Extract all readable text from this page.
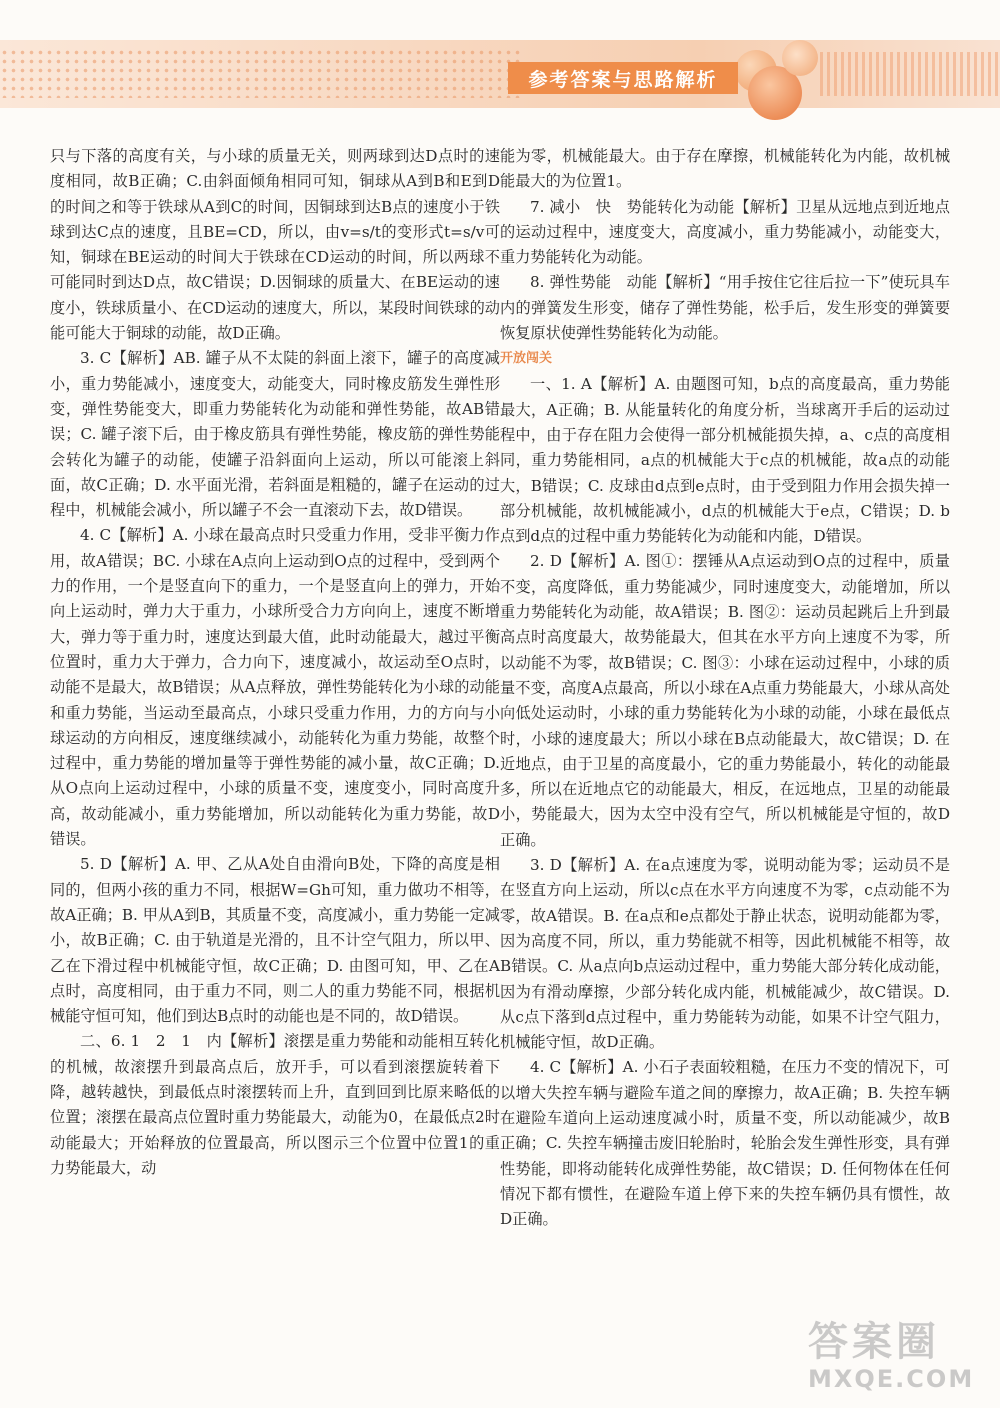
参考答案与思路解析

只与下落的高度有关，与小球的质量无关，则两球到达D点时的速度相同，故B正确；C.由斜面倾角相同可知，铜球从A到B和E到D的时间之和等于铁球从A到C的时间，因铜球到达B点的速度小于铁球到达C点的速度，且BE=CD，所以，由v=s/t的变形式t=s/v可知，铜球在BE运动的时间大于铁球在CD运动的时间，所以两球不可能同时到达D点，故C错误；D.因铜球的质量大、在BE运动的速度小，铁球质量小、在CD运动的速度大，所以，某段时间铁球的动能可能大于铜球的动能，故D正确。

3. C【解析】AB. 罐子从不太陡的斜面上滚下，罐子的高度减小，重力势能减小，速度变大，动能变大，同时橡皮筋发生弹性形变，弹性势能变大，即重力势能转化为动能和弹性势能，故AB错误；C. 罐子滚下后，由于橡皮筋具有弹性势能，橡皮筋的弹性势能会转化为罐子的动能，使罐子沿斜面向上运动，所以可能滚上斜面，故C正确；D. 水平面光滑，若斜面是粗糙的，罐子在运动的过程中，机械能会减小，所以罐子不会一直滚动下去，故D错误。

4. C【解析】A. 小球在最高点时只受重力作用，受非平衡力作用，故A错误；BC. 小球在A点向上运动到O点的过程中，受到两个力的作用，一个是竖直向下的重力，一个是竖直向上的弹力，开始向上运动时，弹力大于重力，小球所受合力方向向上，速度不断增大，弹力等于重力时，速度达到最大值，此时动能最大，越过平衡位置时，重力大于弹力，合力向下，速度减小，故运动至O点时，动能不是最大，故B错误；从A点释放，弹性势能转化为小球的动能和重力势能，当运动至最高点，小球只受重力作用，力的方向与小球运动的方向相反，速度继续减小，动能转化为重力势能，故整个过程中，重力势能的增加量等于弹性势能的减小量，故C正确；D. 从O点向上运动过程中，小球的质量不变，速度变小，同时高度升高，故动能减小，重力势能增加，所以动能转化为重力势能，故D错误。

5. D【解析】A. 甲、乙从A处自由滑向B处，下降的高度是相同的，但两小孩的重力不同，根据W=Gh可知，重力做功不相等，故A正确；B. 甲从A到B，其质量不变，高度减小，重力势能一定减小，故B正确；C. 由于轨道是光滑的，且不计空气阻力，所以甲、乙在下滑过程中机械能守恒，故C正确；D. 由图可知，甲、乙在A点时，高度相同，由于重力不同，则二人的重力势能不同，根据机械能守恒可知，他们到达B点时的动能也是不同的，故D错误。

二、6. 1　2　1　内【解析】滚摆是重力势能和动能相互转化的机械，故滚摆升到最高点后，放开手，可以看到滚摆旋转着下降，越转越快，到最低点时滚摆转而上升，直到回到比原来略低的位置；滚摆在最高点位置时重力势能最大，动能为0，在最低点2时动能最大；开始释放的位置最高，所以图示三个位置中位置1的重力势能最大，动

能为零，机械能最大。由于存在摩擦，机械能转化为内能，故机械能最大的为位置1。

7. 减小　快　势能转化为动能【解析】卫星从远地点到近地点的运动过程中，速度变大，高度减小，重力势能减小，动能变大，重力势能转化为动能。

8. 弹性势能　动能【解析】“用手按住它往后拉一下”使玩具车内的弹簧发生形变，储存了弹性势能，松手后，发生形变的弹簧要恢复原状使弹性势能转化为动能。

开放闯关

一、1. A【解析】A. 由题图可知，b点的高度最高，重力势能最大，A正确；B. 从能量转化的角度分析，当球离开手后的运动过程中，由于存在阻力会使得一部分机械能损失掉，a、c点的高度相同，重力势能相同，a点的机械能大于c点的机械能，故a点的动能大，B错误；C. 皮球由d点到e点时，由于受到阻力作用会损失掉一部分机械能，故机械能减小，d点的机械能大于e点，C错误；D. b点到d点的过程中重力势能转化为动能和内能，D错误。

2. D【解析】A. 图①：摆锤从A点运动到O点的过程中，质量不变，高度降低，重力势能减少，同时速度变大，动能增加，所以重力势能转化为动能，故A错误；B. 图②：运动员起跳后上升到最高点时高度最大，故势能最大，但其在水平方向上速度不为零，所以动能不为零，故B错误；C. 图③：小球在运动过程中，小球的质量不变，高度A点最高，所以小球在A点重力势能最大，小球从高处向低处运动时，小球的重力势能转化为小球的动能，小球在最低点时，小球的速度最大；所以小球在B点动能最大，故C错误；D. 在近地点，由于卫星的高度最小，它的重力势能最小，转化的动能最多，所以在近地点它的动能最大，相反，在远地点，卫星的动能最小，势能最大，因为太空中没有空气，所以机械能是守恒的，故D正确。

3. D【解析】A. 在a点速度为零，说明动能为零；运动员不是在竖直方向上运动，所以c点在水平方向速度不为零，c点动能不为零，故A错误。B. 在a点和e点都处于静止状态，说明动能都为零，因为高度不同，所以，重力势能就不相等，因此机械能不相等，故B错误。C. 从a点向b点运动过程中，重力势能大部分转化成动能，因为有滑动摩擦，少部分转化成内能，机械能减少，故C错误。D. 从c点下落到d点过程中，重力势能转为动能，如果不计空气阻力，机械能守恒，故D正确。

4. C【解析】A. 小石子表面较粗糙，在压力不变的情况下，可以增大失控车辆与避险车道之间的摩擦力，故A正确；B. 失控车辆在避险车道向上运动速度减小时，质量不变，所以动能减少，故B正确；C. 失控车辆撞击废旧轮胎时，轮胎会发生弹性形变，具有弹性势能，即将动能转化成弹性势能，故C错误；D. 任何物体在任何情况下都有惯性，在避险车道上停下来的失控车辆仍具有惯性，故D正确。

答案圈
MXQE.COM
